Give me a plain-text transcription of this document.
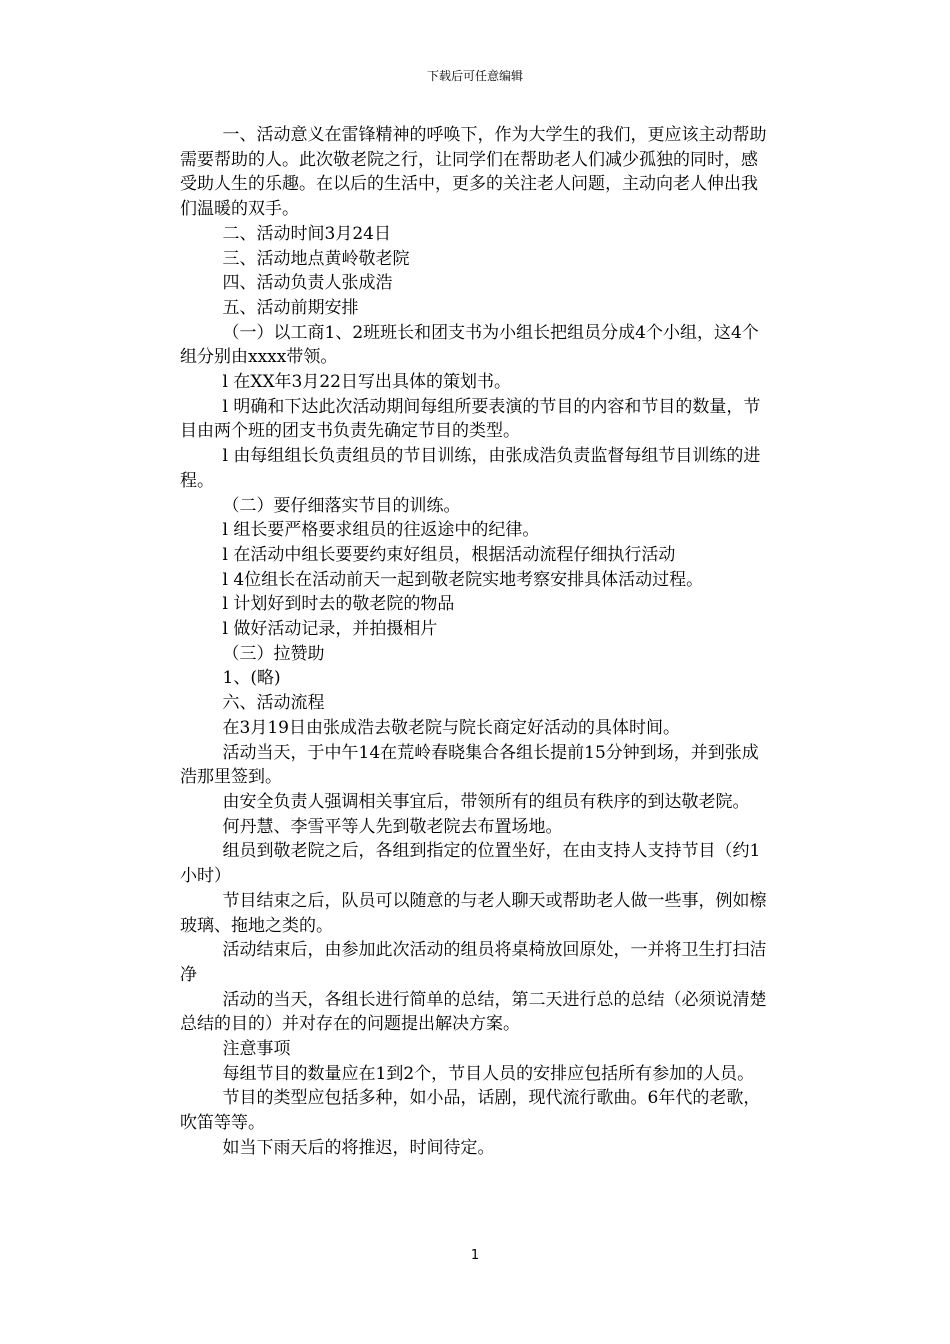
下载后可任意编辑

一、活动意义在雷锋精神的呼唤下，作为大学生的我们，更应该主动帮助需要帮助的人。此次敬老院之行，让同学们在帮助老人们减少孤独的同时，感受助人生的乐趣。在以后的生活中，更多的关注老人问题，主动向老人伸出我们温暖的双手。

二、活动时间3月24日

三、活动地点黄岭敬老院

四、活动负责人张成浩

五、活动前期安排

（一）以工商1、2班班长和团支书为小组长把组员分成4个小组，这4个组分别由xxxx带领。

l 在XX年3月22日写出具体的策划书。

l 明确和下达此次活动期间每组所要表演的节目的内容和节目的数量，节目由两个班的团支书负责先确定节目的类型。

l 由每组组长负责组员的节目训练，由张成浩负责监督每组节目训练的进程。

（二）要仔细落实节目的训练。

l 组长要严格要求组员的往返途中的纪律。

l 在活动中组长要要约束好组员，根据活动流程仔细执行活动

l 4位组长在活动前天一起到敬老院实地考察安排具体活动过程。

l 计划好到时去的敬老院的物品

l 做好活动记录，并拍摄相片

（三）拉赞助

1、(略)

六、活动流程

在3月19日由张成浩去敬老院与院长商定好活动的具体时间。

活动当天，于中午14在荒岭春晓集合各组长提前15分钟到场，并到张成浩那里签到。

由安全负责人强调相关事宜后，带领所有的组员有秩序的到达敬老院。

何丹慧、李雪平等人先到敬老院去布置场地。

组员到敬老院之后，各组到指定的位置坐好，在由支持人支持节目（约1小时）

节目结束之后，队员可以随意的与老人聊天或帮助老人做一些事，例如檫玻璃、拖地之类的。

活动结束后，由参加此次活动的组员将桌椅放回原处，一并将卫生打扫洁净

活动的当天，各组长进行简单的总结，第二天进行总的总结（必须说清楚总结的目的）并对存在的问题提出解决方案。

注意事项

每组节目的数量应在1到2个，节目人员的安排应包括所有参加的人员。

节目的类型应包括多种，如小品，话剧，现代流行歌曲。6年代的老歌，吹笛等等。

如当下雨天后的将推迟，时间待定。

1
